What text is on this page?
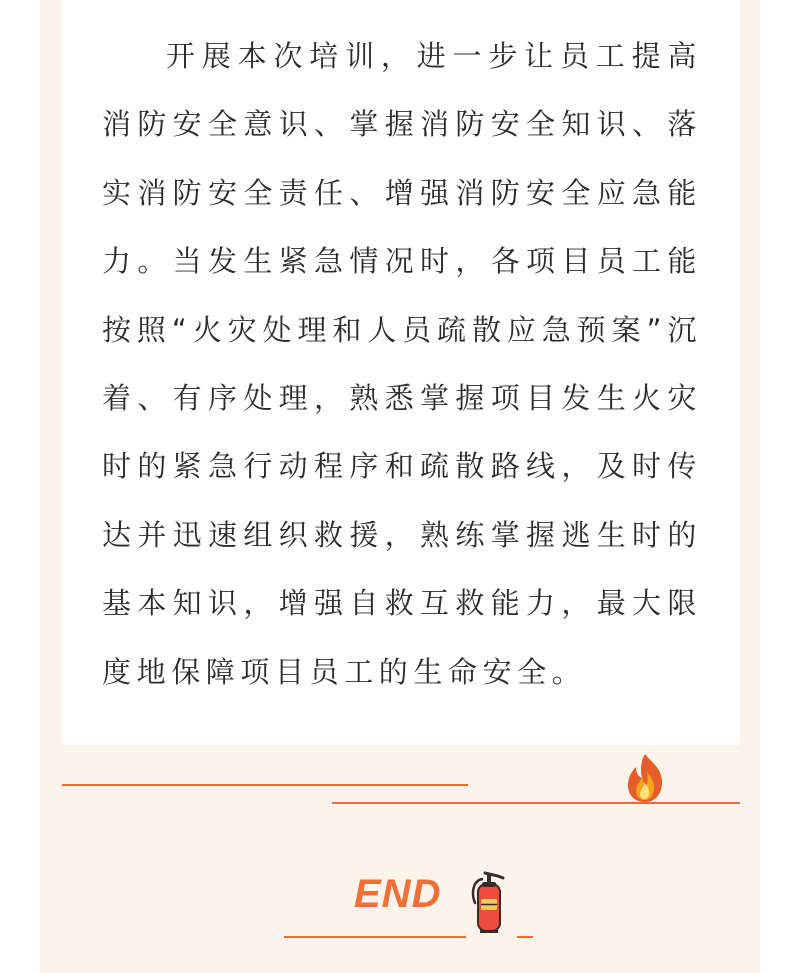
开展本次培训，进一步让员工提高消防安全意识、掌握消防安全知识、落实消防安全责任、增强消防安全应急能力。当发生紧急情况时，各项目员工能按照“火灾处理和人员疏散应急预案”沉着、有序处理，熟悉掌握项目发生火灾时的紧急行动程序和疏散路线，及时传达并迅速组织救援，熟练掌握逃生时的基本知识，增强自救互救能力，最大限度地保障项目员工的生命安全。

END
